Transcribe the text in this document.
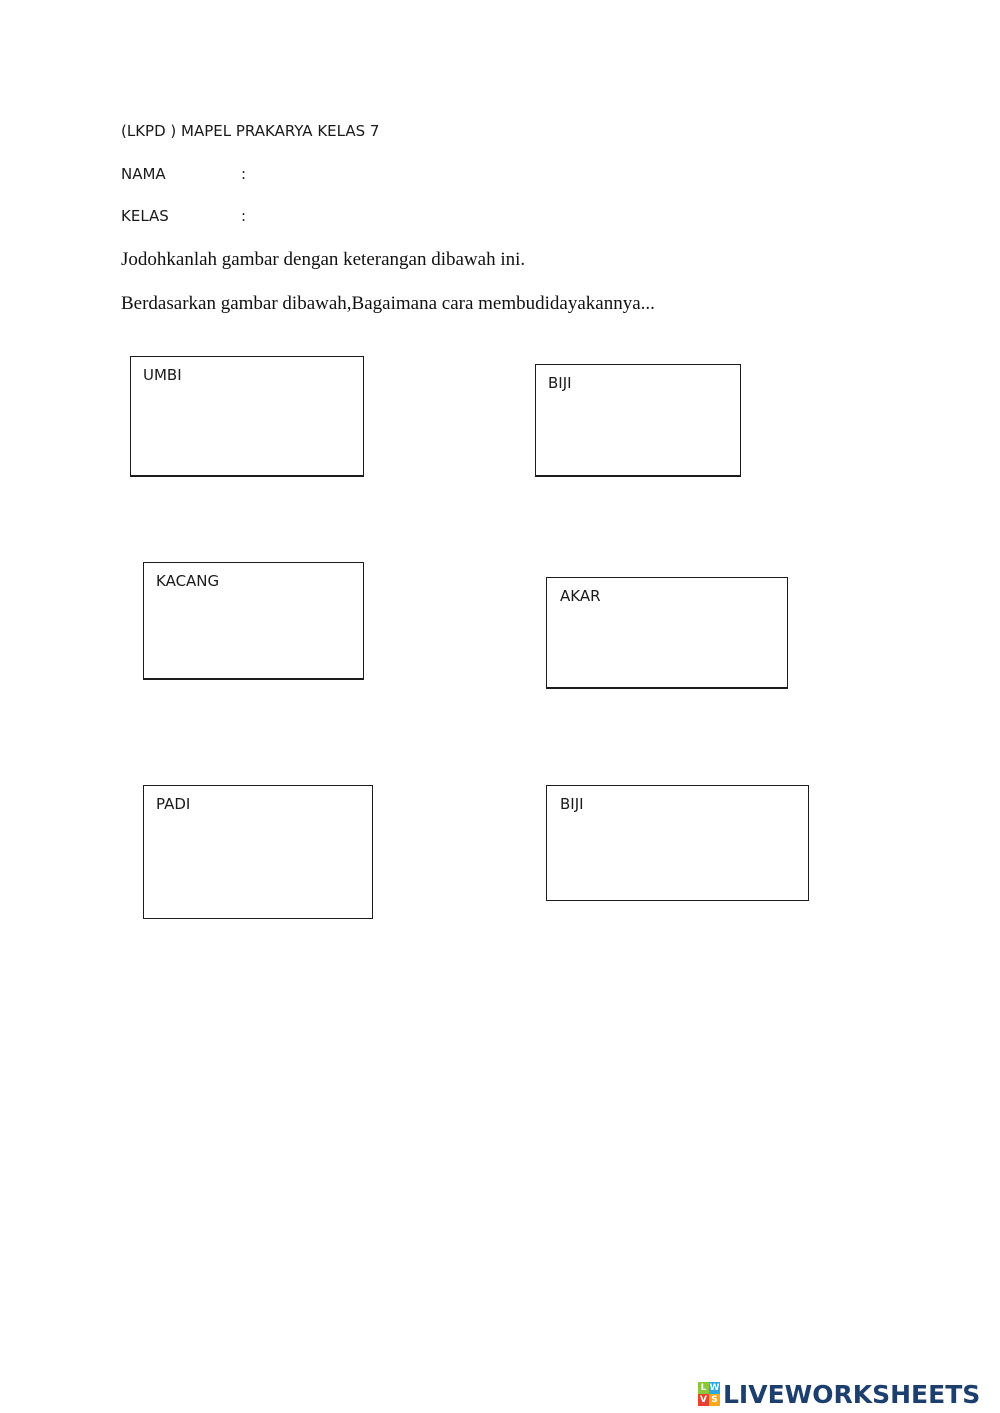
(LKPD ) MAPEL PRAKARYA KELAS 7
NAMA	:
KELAS	:
Jodohkanlah gambar dengan keterangan dibawah ini.
Berdasarkan gambar dibawah,Bagaimana cara membudidayakannya...
UMBI
KACANG
PADI
BIJI
AKAR
BIJI
L W
V S LIVEWORKSHEETS
